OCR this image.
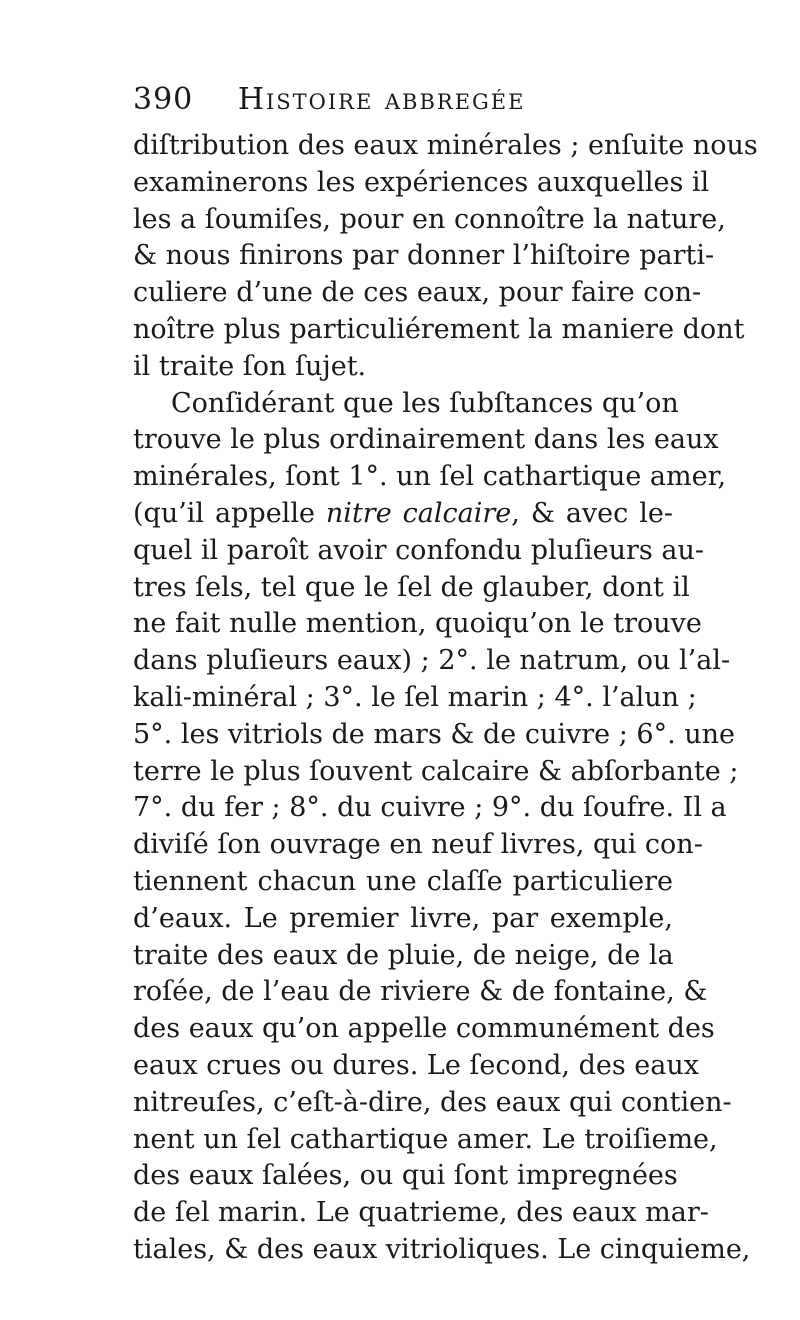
390 Histoire abbregée
diſtribution des eaux minérales ; enſuite nous
examinerons les expériences auxquelles il
les a ſoumiſes, pour en connoître la nature,
& nous finirons par donner l’hiſtoire parti-
culiere d’une de ces eaux, pour faire con-
noître plus particuliérement la maniere dont
il traite ſon ſujet.
Conſidérant que les ſubſtances qu’on
trouve le plus ordinairement dans les eaux
minérales, ſont 1°. un ſel cathartique amer,
(qu’il appelle nitre calcaire, & avec le-
quel il paroît avoir confondu pluſieurs au-
tres ſels, tel que le ſel de glauber, dont il
ne fait nulle mention, quoiqu’on le trouve
dans pluſieurs eaux) ; 2°. le natrum, ou l’al-
kali-minéral ; 3°. le ſel marin ; 4°. l’alun ;
5°. les vitriols de mars & de cuivre ; 6°. une
terre le plus ſouvent calcaire & abſorbante ;
7°. du fer ; 8°. du cuivre ; 9°. du ſoufre. Il a
diviſé ſon ouvrage en neuf livres, qui con-
tiennent chacun une claſſe particuliere
d’eaux. Le premier livre, par exemple,
traite des eaux de pluie, de neige, de la
roſée, de l’eau de riviere & de fontaine, &
des eaux qu’on appelle communément des
eaux crues ou dures. Le ſecond, des eaux
nitreuſes, c’eſt-à-dire, des eaux qui contien-
nent un ſel cathartique amer. Le troiſieme,
des eaux ſalées, ou qui ſont impregnées
de ſel marin. Le quatrieme, des eaux mar-
tiales, & des eaux vitrioliques. Le cinquieme,
